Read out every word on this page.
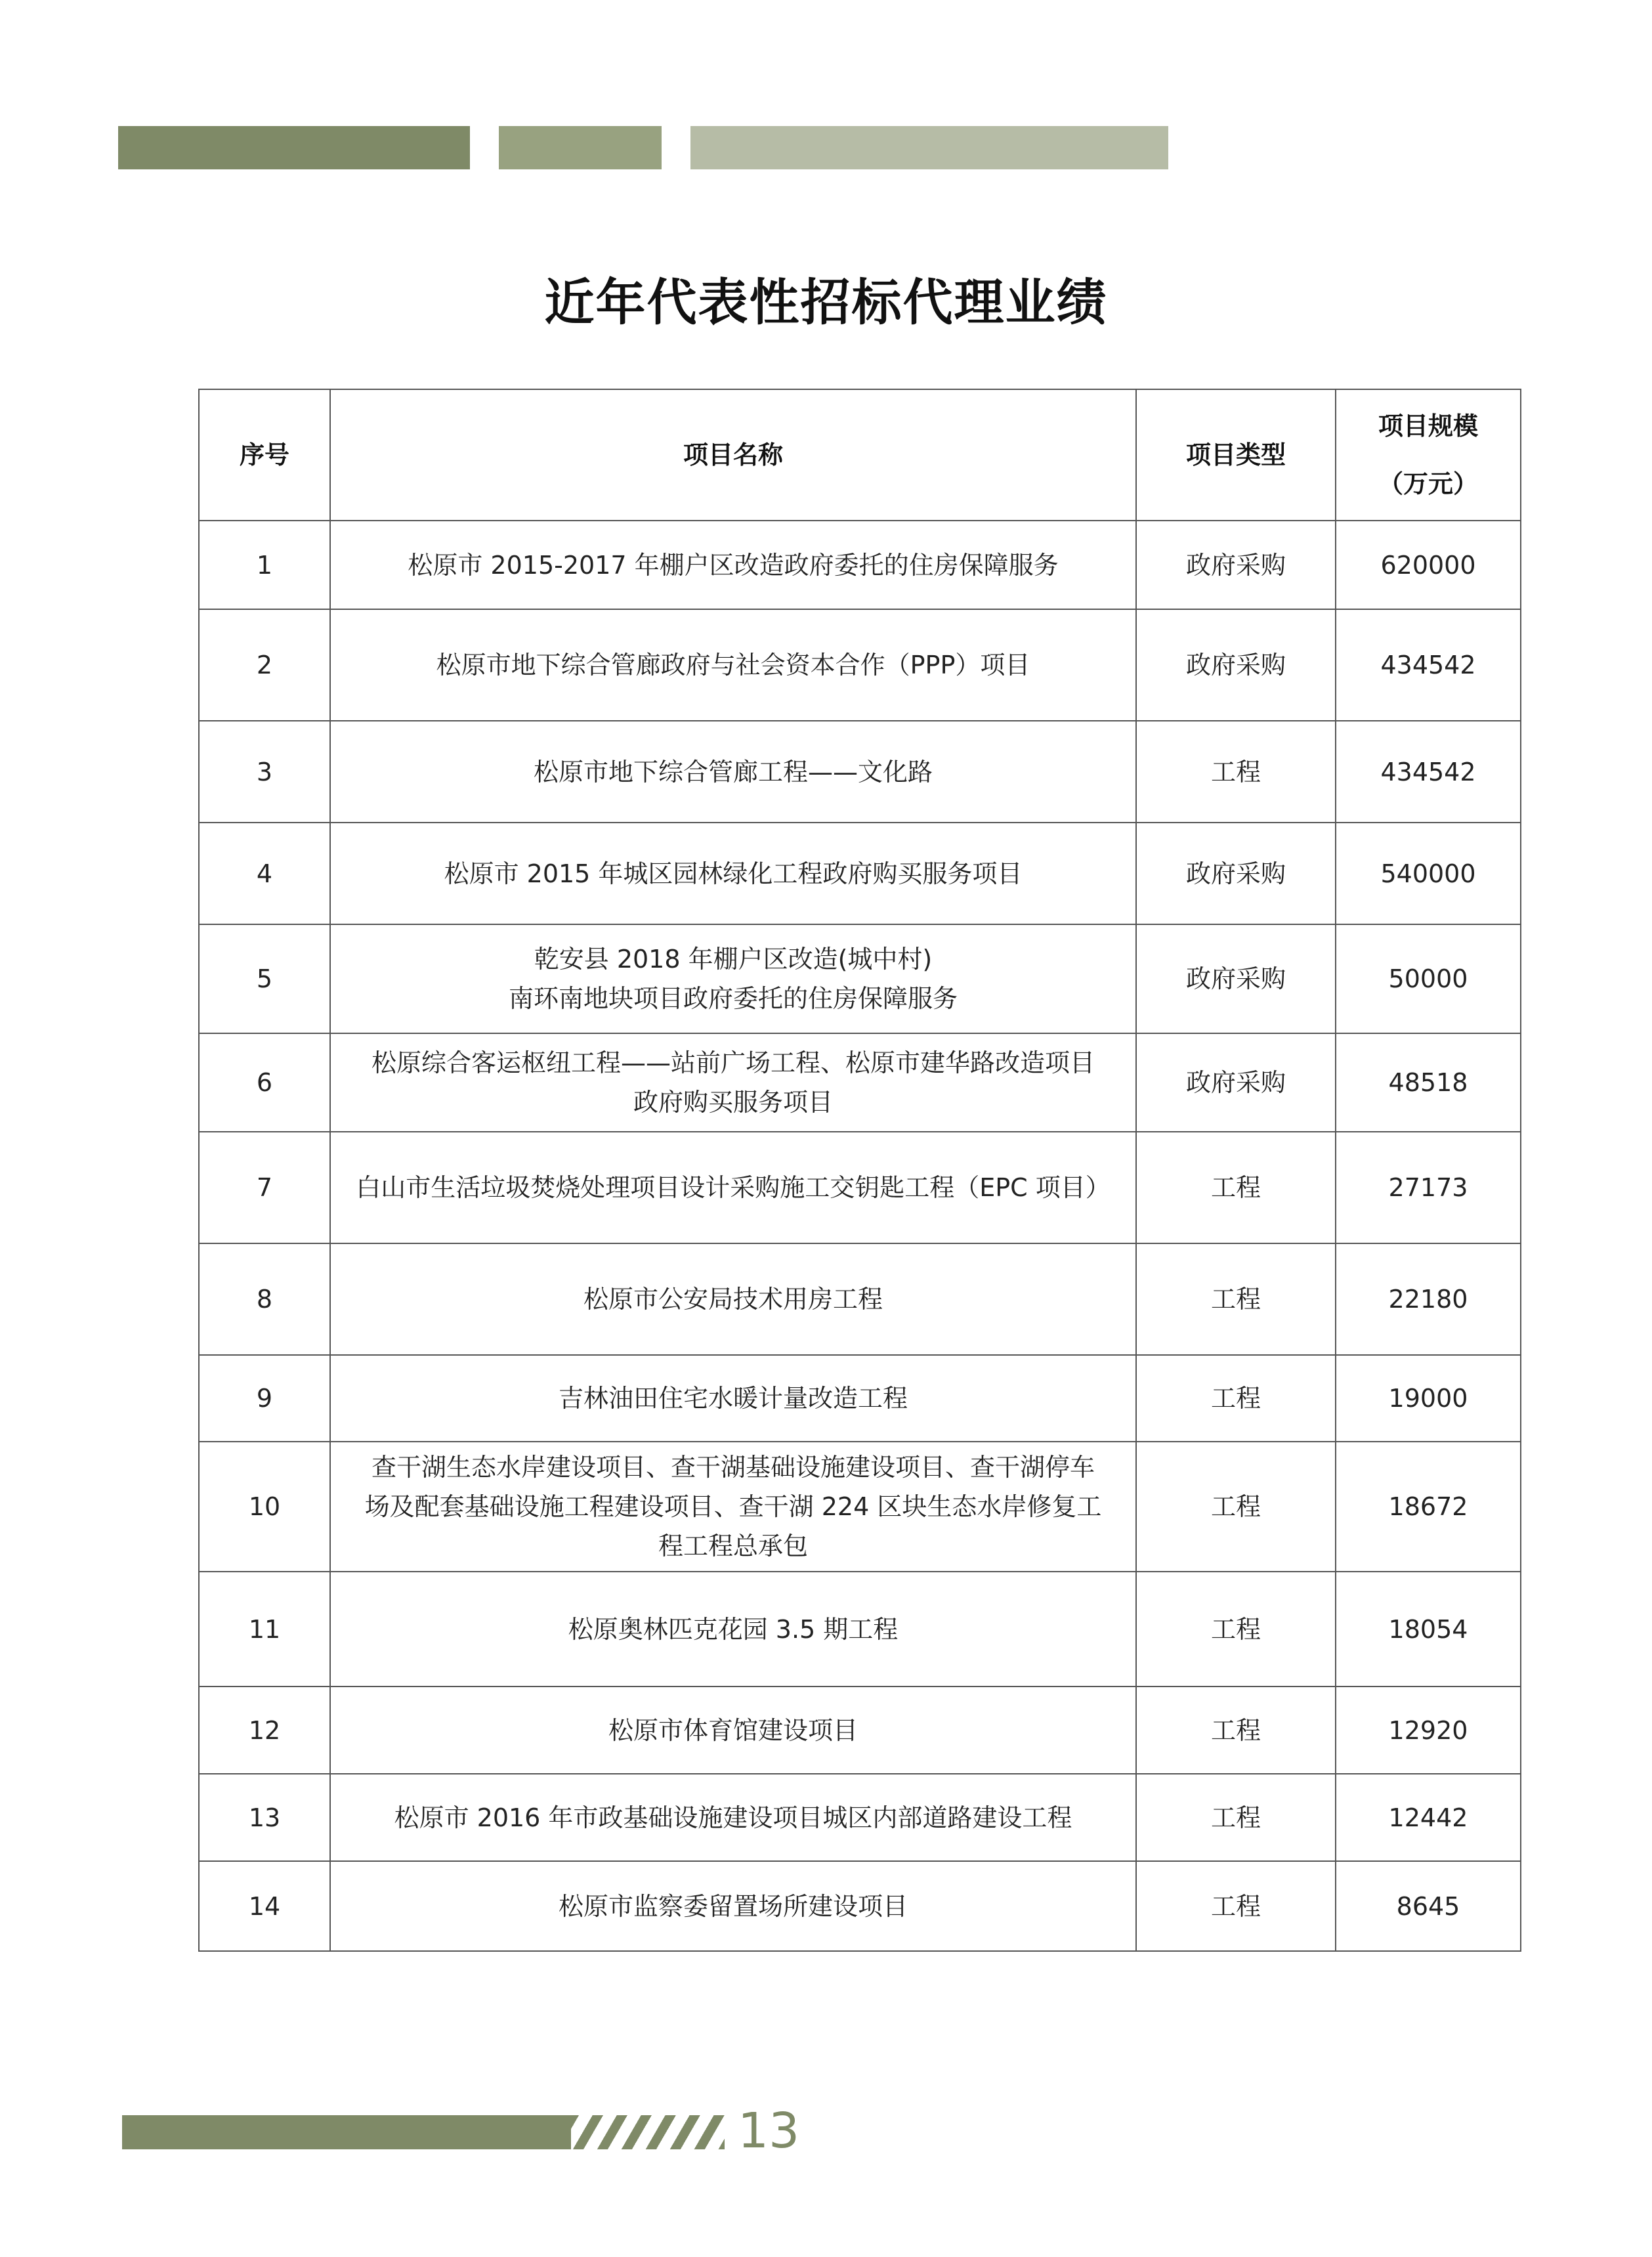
近年代表性招标代理业绩
序号	项目名称	项目类型	项目规模
（万元）

1	松原市 2015-2017 年棚户区改造政府委托的住房保障服务	政府采购	620000
2	松原市地下综合管廊政府与社会资本合作（PPP）项目	政府采购	434542
3	松原市地下综合管廊工程——文化路	工程	434542
4	松原市 2015 年城区园林绿化工程政府购买服务项目	政府采购	540000
5	乾安县 2018 年棚户区改造(城中村)
南环南地块项目政府委托的住房保障服务	政府采购	50000
6	松原综合客运枢纽工程——站前广场工程、松原市建华路改造项目
政府购买服务项目	政府采购	48518
7	白山市生活垃圾焚烧处理项目设计采购施工交钥匙工程（EPC 项目）	工程	27173
8	松原市公安局技术用房工程	工程	22180
9	吉林油田住宅水暖计量改造工程	工程	19000
10	查干湖生态水岸建设项目、查干湖基础设施建设项目、查干湖停车
场及配套基础设施工程建设项目、查干湖 224 区块生态水岸修复工
程工程总承包	工程	18672
11	松原奥林匹克花园 3.5 期工程	工程	18054
12	松原市体育馆建设项目	工程	12920
13	松原市 2016 年市政基础设施建设项目城区内部道路建设工程	工程	12442
14	松原市监察委留置场所建设项目	工程	8645
13
